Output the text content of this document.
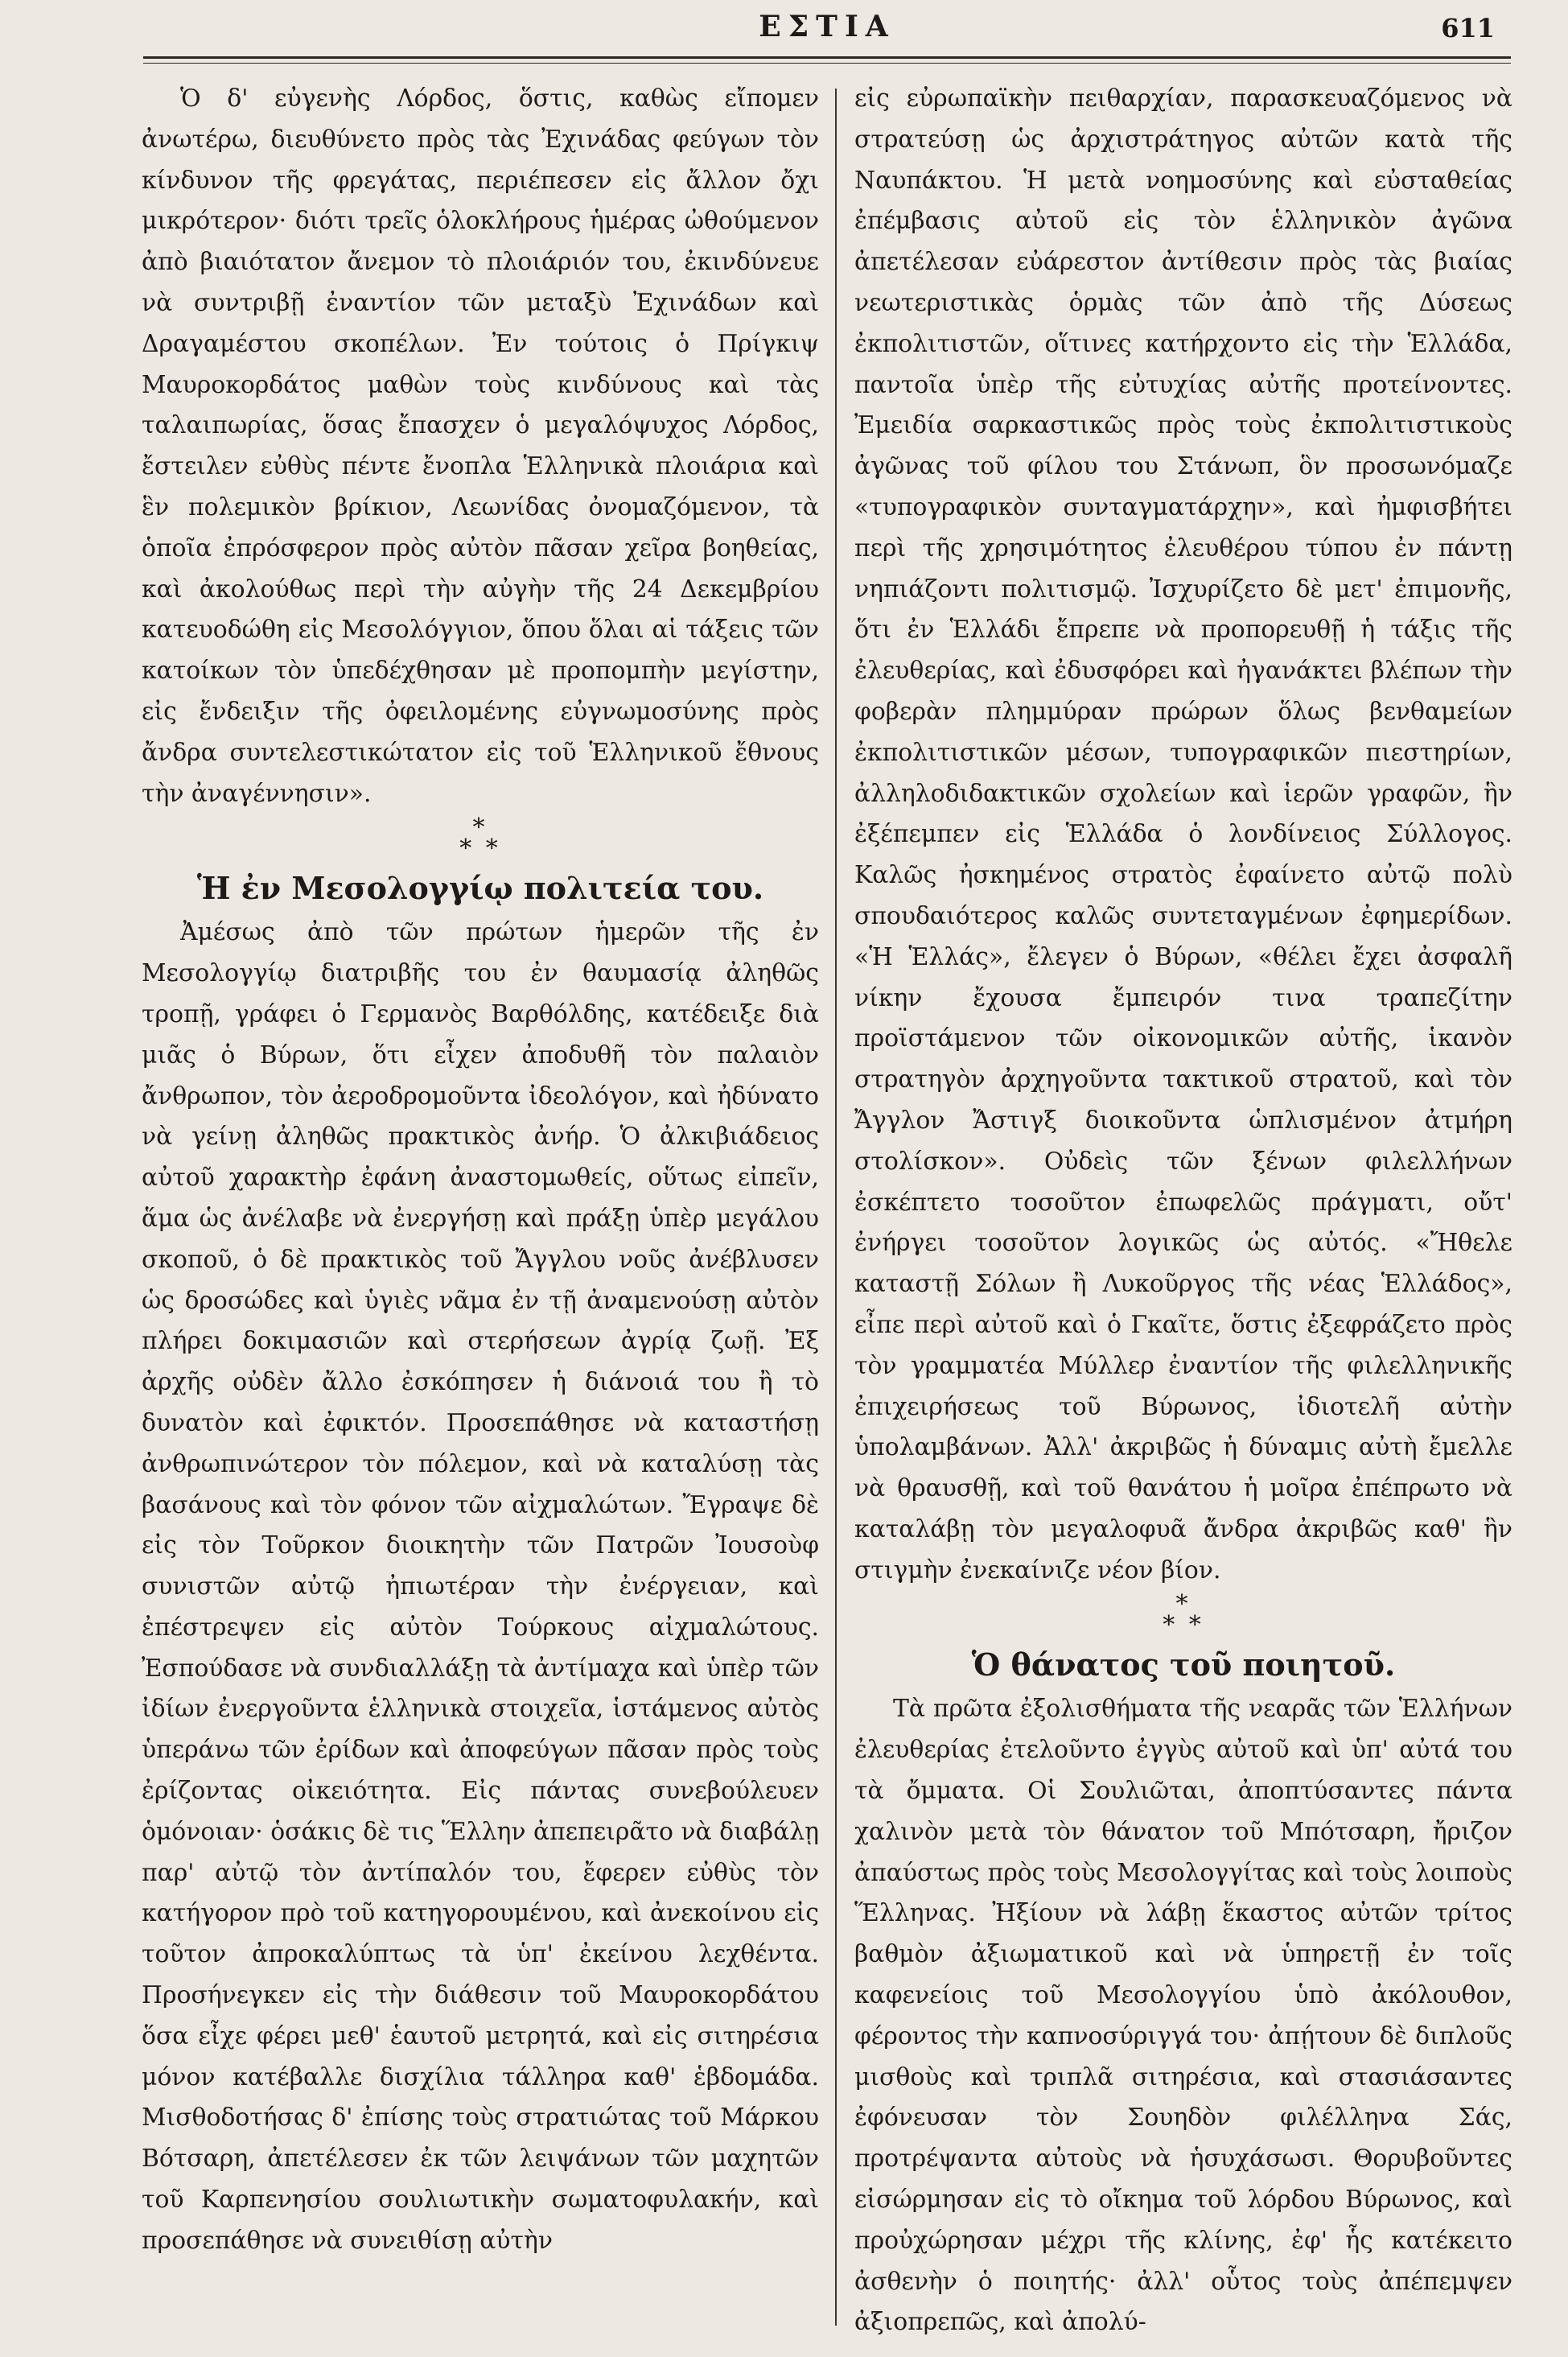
ΕΣΤΙΑ	611

Ὁ δ' εὐγενὴς Λόρδος, ὅστις, καθὼς εἴπομεν ἀνωτέρω, διευθύνετο πρὸς τὰς Ἐχινάδας φεύγων τὸν κίνδυνον τῆς φρεγάτας, περιέπεσεν εἰς ἄλλον ὄχι μικρότερον· διότι τρεῖς ὁλοκλήρους ἡμέρας ὠθούμενον ἀπὸ βιαιότατον ἄνεμον τὸ πλοιάριόν του, ἐκινδύνευε νὰ συντριβῇ ἐναντίον τῶν μεταξὺ Ἐχινάδων καὶ Δραγαμέστου σκοπέλων. Ἐν τούτοις ὁ Πρίγκιψ Μαυροκορδάτος μαθὼν τοὺς κινδύνους καὶ τὰς ταλαιπωρίας, ὅσας ἔπασχεν ὁ μεγαλόψυχος Λόρδος, ἔστειλεν εὐθὺς πέντε ἔνοπλα Ἑλληνικὰ πλοιάρια καὶ ἓν πολεμικὸν βρίκιον, Λεωνίδας ὀνομαζόμενον, τὰ ὁποῖα ἐπρόσφερον πρὸς αὐτὸν πᾶσαν χεῖρα βοηθείας, καὶ ἀκολούθως περὶ τὴν αὐγὴν τῆς 24 Δεκεμβρίου κατευοδώθη εἰς Μεσολόγγιον, ὅπου ὅλαι αἱ τάξεις τῶν κατοίκων τὸν ὑπεδέχθησαν μὲ προπομπὴν μεγίστην, εἰς ἔνδειξιν τῆς ὀφειλομένης εὐγνωμοσύνης πρὸς ἄνδρα συντελεστικώτατον εἰς τοῦ Ἑλληνικοῦ ἔθνους τὴν ἀναγέννησιν».

*
* *

Ἡ ἐν Μεσολογγίῳ πολιτεία του.

Ἀμέσως ἀπὸ τῶν πρώτων ἡμερῶν τῆς ἐν Μεσολογγίῳ διατριβῆς του ἐν θαυμασίᾳ ἀληθῶς τροπῇ, γράφει ὁ Γερμανὸς Βαρθόλδης, κατέδειξε διὰ μιᾶς ὁ Βύρων, ὅτι εἶχεν ἀποδυθῆ τὸν παλαιὸν ἄνθρωπον, τὸν ἀεροδρομοῦντα ἰδεολόγον, καὶ ἠδύνατο νὰ γείνῃ ἀληθῶς πρακτικὸς ἀνήρ. Ὁ ἀλκιβιάδειος αὐτοῦ χαρακτὴρ ἐφάνη ἀναστομωθείς, οὕτως εἰπεῖν, ἅμα ὡς ἀνέλαβε νὰ ἐνεργήσῃ καὶ πράξῃ ὑπὲρ μεγάλου σκοποῦ, ὁ δὲ πρακτικὸς τοῦ Ἄγγλου νοῦς ἀνέβλυσεν ὡς δροσώδες καὶ ὑγιὲς νᾶμα ἐν τῇ ἀναμενούσῃ αὐτὸν πλήρει δοκιμασιῶν καὶ στερήσεων ἀγρίᾳ ζωῇ. Ἐξ ἀρχῆς οὐδὲν ἄλλο ἐσκόπησεν ἡ διάνοιά του ἢ τὸ δυνατὸν καὶ ἐφικτόν. Προσεπάθησε νὰ καταστήσῃ ἀνθρωπινώτερον τὸν πόλεμον, καὶ νὰ καταλύσῃ τὰς βασάνους καὶ τὸν φόνον τῶν αἰχμαλώτων. Ἔγραψε δὲ εἰς τὸν Τοῦρκον διοικητὴν τῶν Πατρῶν Ἰουσοὺφ συνιστῶν αὐτῷ ἠπιωτέραν τὴν ἐνέργειαν, καὶ ἐπέστρεψεν εἰς αὐτὸν Τούρκους αἰχμαλώτους. Ἐσπούδασε νὰ συνδιαλλάξῃ τὰ ἀντίμαχα καὶ ὑπὲρ τῶν ἰδίων ἐνεργοῦντα ἑλληνικὰ στοιχεῖα, ἱστάμενος αὐτὸς ὑπεράνω τῶν ἐρίδων καὶ ἀποφεύγων πᾶσαν πρὸς τοὺς ἐρίζοντας οἰκειότητα. Εἰς πάντας συνεβούλευεν ὁμόνοιαν· ὁσάκις δὲ τις Ἕλλην ἀπεπειρᾶτο νὰ διαβάλῃ παρ' αὐτῷ τὸν ἀντίπαλόν του, ἔφερεν εὐθὺς τὸν κατήγορον πρὸ τοῦ κατηγορουμένου, καὶ ἀνεκοίνου εἰς τοῦτον ἀπροκαλύπτως τὰ ὑπ' ἐκείνου λεχθέντα. Προσήνεγκεν εἰς τὴν διάθεσιν τοῦ Μαυροκορδάτου ὅσα εἶχε φέρει μεθ' ἑαυτοῦ μετρητά, καὶ εἰς σιτηρέσια μόνον κατέβαλλε δισχίλια τάλληρα καθ' ἑβδομάδα. Μισθοδοτήσας δ' ἐπίσης τοὺς στρατιώτας τοῦ Μάρκου Βότσαρη, ἀπετέλεσεν ἐκ τῶν λειψάνων τῶν μαχητῶν τοῦ Καρπενησίου σουλιωτικὴν σωματοφυλακήν, καὶ προσεπάθησε νὰ συνειθίσῃ αὐτὴν

εἰς εὐρωπαϊκὴν πειθαρχίαν, παρασκευαζόμενος νὰ στρατεύσῃ ὡς ἀρχιστράτηγος αὐτῶν κατὰ τῆς Ναυπάκτου. Ἡ μετὰ νοημοσύνης καὶ εὐσταθείας ἐπέμβασις αὐτοῦ εἰς τὸν ἑλληνικὸν ἀγῶνα ἀπετέλεσαν εὐάρεστον ἀντίθεσιν πρὸς τὰς βιαίας νεωτεριστικὰς ὁρμὰς τῶν ἀπὸ τῆς Δύσεως ἐκπολιτιστῶν, οἵτινες κατήρχοντο εἰς τὴν Ἑλλάδα, παντοῖα ὑπὲρ τῆς εὐτυχίας αὐτῆς προτείνοντες. Ἐμειδία σαρκαστικῶς πρὸς τοὺς ἐκπολιτιστικοὺς ἀγῶνας τοῦ φίλου του Στάνωπ, ὃν προσωνόμαζε «τυπογραφικὸν συνταγματάρχην», καὶ ἠμφισβήτει περὶ τῆς χρησιμότητος ἐλευθέρου τύπου ἐν πάντῃ νηπιάζοντι πολιτισμῷ. Ἰσχυρίζετο δὲ μετ' ἐπιμονῆς, ὅτι ἐν Ἑλλάδι ἔπρεπε νὰ προπορευθῇ ἡ τάξις τῆς ἐλευθερίας, καὶ ἐδυσφόρει καὶ ἠγανάκτει βλέπων τὴν φοβερὰν πλημμύραν πρώρων ὅλως βενθαμείων ἐκπολιτιστικῶν μέσων, τυπογραφικῶν πιεστηρίων, ἀλληλοδιδακτικῶν σχολείων καὶ ἱερῶν γραφῶν, ἣν ἐξέπεμπεν εἰς Ἑλλάδα ὁ λονδίνειος Σύλλογος. Καλῶς ἠσκημένος στρατὸς ἐφαίνετο αὐτῷ πολὺ σπουδαιότερος καλῶς συντεταγμένων ἐφημερίδων. «Ἡ Ἑλλάς», ἔλεγεν ὁ Βύρων, «θέλει ἔχει ἀσφαλῆ νίκην ἔχουσα ἔμπειρόν τινα τραπεζίτην προϊστάμενον τῶν οἰκονομικῶν αὐτῆς, ἱκανὸν στρατηγὸν ἀρχηγοῦντα τακτικοῦ στρατοῦ, καὶ τὸν Ἄγγλον Ἄστιγξ διοικοῦντα ὡπλισμένον ἀτμήρη στολίσκον». Οὐδεὶς τῶν ξένων φιλελλήνων ἐσκέπτετο τοσοῦτον ἐπωφελῶς πράγματι, οὔτ' ἐνήργει τοσοῦτον λογικῶς ὡς αὐτός. «Ἤθελε καταστῇ Σόλων ἢ Λυκοῦργος τῆς νέας Ἑλλάδος», εἶπε περὶ αὐτοῦ καὶ ὁ Γκαῖτε, ὅστις ἐξεφράζετο πρὸς τὸν γραμματέα Μύλλερ ἐναντίον τῆς φιλελληνικῆς ἐπιχειρήσεως τοῦ Βύρωνος, ἰδιοτελῆ αὐτὴν ὑπολαμβάνων. Ἀλλ' ἀκριβῶς ἡ δύναμις αὐτὴ ἔμελλε νὰ θραυσθῇ, καὶ τοῦ θανάτου ἡ μοῖρα ἐπέπρωτο νὰ καταλάβῃ τὸν μεγαλοφυᾶ ἄνδρα ἀκριβῶς καθ' ἣν στιγμὴν ἐνεκαίνιζε νέον βίον.

*
* *

Ὁ θάνατος τοῦ ποιητοῦ.

Τὰ πρῶτα ἐξολισθήματα τῆς νεαρᾶς τῶν Ἑλλήνων ἐλευθερίας ἐτελοῦντο ἐγγὺς αὐτοῦ καὶ ὑπ' αὐτά του τὰ ὄμματα. Οἱ Σουλιῶται, ἀποπτύσαντες πάντα χαλινὸν μετὰ τὸν θάνατον τοῦ Μπότσαρη, ἤριζον ἀπαύστως πρὸς τοὺς Μεσολογγίτας καὶ τοὺς λοιποὺς Ἕλληνας. Ἠξίουν νὰ λάβῃ ἕκαστος αὐτῶν τρίτος βαθμὸν ἀξιωματικοῦ καὶ νὰ ὑπηρετῇ ἐν τοῖς καφενείοις τοῦ Μεσολογγίου ὑπὸ ἀκόλουθον, φέροντος τὴν καπνοσύριγγά του· ἀπῄτουν δὲ διπλοῦς μισθοὺς καὶ τριπλᾶ σιτηρέσια, καὶ στασιάσαντες ἐφόνευσαν τὸν Σουηδὸν φιλέλληνα Σάς, προτρέψαντα αὐτοὺς νὰ ἡσυχάσωσι. Θορυβοῦντες εἰσώρμησαν εἰς τὸ οἴκημα τοῦ λόρδου Βύρωνος, καὶ προὐχώρησαν μέχρι τῆς κλίνης, ἐφ' ἧς κατέκειτο ἀσθενὴν ὁ ποιητής· ἀλλ' οὗτος τοὺς ἀπέπεμψεν ἀξιοπρεπῶς, καὶ ἀπολύ-
